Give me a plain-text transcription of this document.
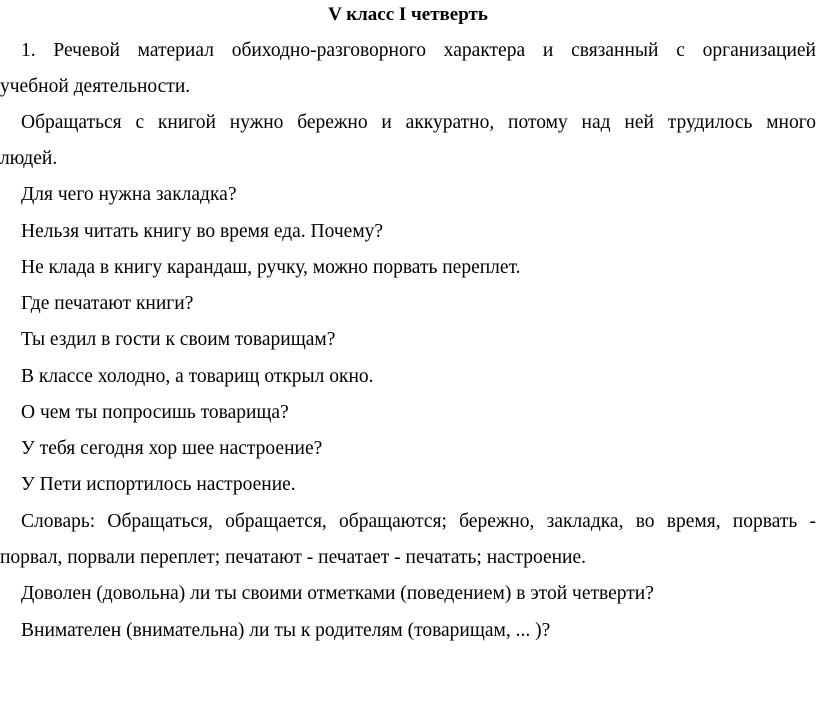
V класс I четверть
1. Речевой материал обиходно-разговорного характера и связанный с организацией
учебной деятельности.
Обращаться с книгой нужно бережно и аккуратно, потому над ней трудилось много
людей.
Для чего нужна закладка?
Нельзя читать книгу во время еда. Почему?
Не клада в книгу карандаш, ручку, можно порвать переплет.
Где печатают книги?
Ты ездил в гости к своим товарищам?
В классе холодно, а товарищ открыл окно.
О чем ты попросишь товарища?
У тебя сегодня хор шее настроение?
У Пети испортилось настроение.
Словарь: Обращаться, обращается, обращаются; бережно, закладка, во время, порвать -
порвал, порвали переплет; печатают - печатает - печатать; настроение.
Доволен (довольна) ли ты своими отметками (поведением) в этой четверти?
Внимателен (внимательна) ли ты к родителям (товарищам, ... )?
